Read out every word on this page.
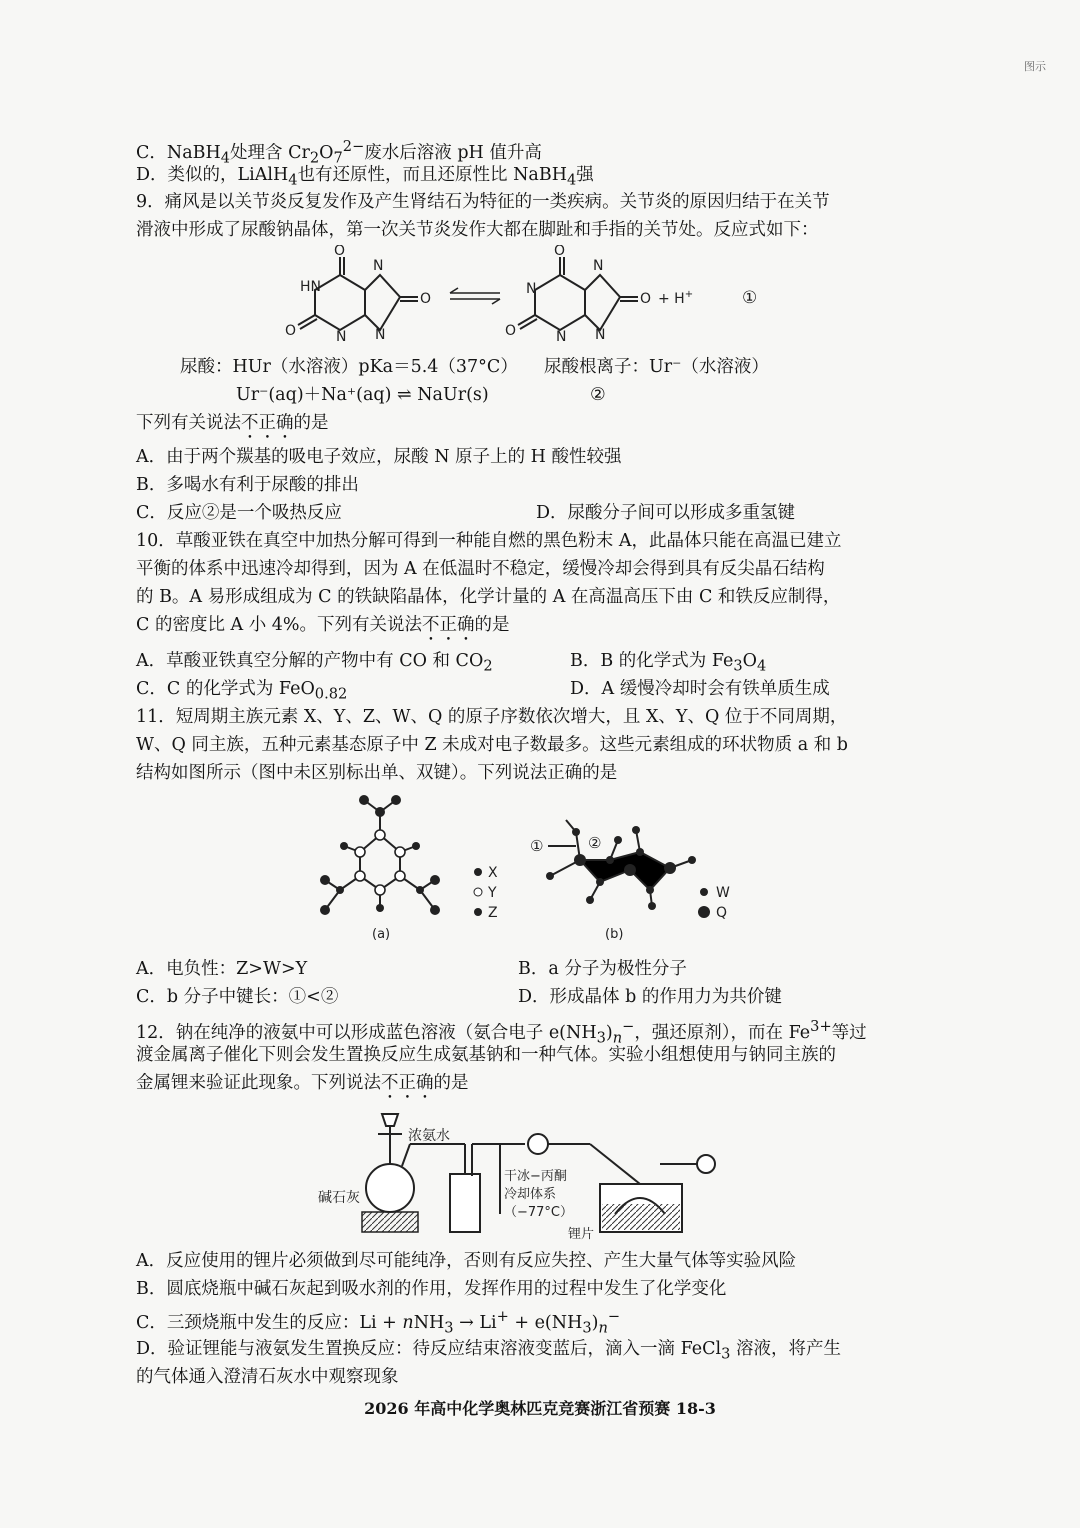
图示
C．NaBH$_4$处理含 $Cr_2O_7^{2-}$废水后溶液 pH 值升高
D．类似的，LiAlH$_4$也有还原性，而且还原性比 NaBH$_4$强
9．痛风是以关节炎反复发作及产生肾结石为特征的一类疾病。关节炎的原因归结于在关节
滑液中形成了尿酸钠晶体，第一次关节炎发作大都在脚趾和手指的关节处。反应式如下：
O
HN
O	N
N
N
O
O
N
O	N
N
N
O + H+	①
尿酸：HUr（水溶液）pKa＝5.4（37°C） 尿酸根离子：Ur⁻（水溶液）
Ur⁻(aq)＋Na⁺(aq) ⇌ NaUr(s)	②
下列有关说法不正确的是
A．由于两个羰基的吸电子效应，尿酸 N 原子上的 H 酸性较强
B．多喝水有利于尿酸的排出
C．反应②是一个吸热反应	D．尿酸分子间可以形成多重氢键
10．草酸亚铁在真空中加热分解可得到一种能自燃的黑色粉末 A，此晶体只能在高温已建立
平衡的体系中迅速冷却得到，因为 A 在低温时不稳定，缓慢冷却会得到具有反尖晶石结构
的 B。A 易形成组成为 C 的铁缺陷晶体，化学计量的 A 在高温高压下由 C 和铁反应制得，
C 的密度比 A 小 4%。下列有关说法不正确的是
A．草酸亚铁真空分解的产物中有 CO 和 $CO_2$	B．B 的化学式为 $Fe_3O_4$
C．C 的化学式为 FeO$_{0.82}$	D．A 缓慢冷却时会有铁单质生成
11．短周期主族元素 X、Y、Z、W、Q 的原子序数依次增大，且 X、Y、Q 位于不同周期，
W、Q 同主族，五种元素基态原子中 Z 未成对电子数最多。这些元素组成的环状物质 a 和 b
结构如图所示（图中未区别标出单、双键）。下列说法正确的是
X
Y
Z
(a)
①	②
W
Q
(b)
A．电负性：Z>W>Y	B．a 分子为极性分子
C．b 分子中键长：①<②	D．形成晶体 b 的作用力为共价键
12．钠在纯净的液氨中可以形成蓝色溶液（氨合电子 $e(NH_3)_n^-$，强还原剂），而在 $Fe^{3+}$等过
渡金属离子催化下则会发生置换反应生成氨基钠和一种气体。实验小组想使用与钠同主族的
金属锂来验证此现象。下列说法不正确的是
浓氨水
碱石灰
干冰−丙酮
冷却体系
（−77°C）
锂片
A．反应使用的锂片必须做到尽可能纯净，否则有反应失控、产生大量气体等实验风险
B．圆底烧瓶中碱石灰起到吸水剂的作用，发挥作用的过程中发生了化学变化
C．三颈烧瓶中发生的反应：$Li + nNH_3 \to Li^+ + e(NH_3)_n^-$
D．验证锂能与液氨发生置换反应：待反应结束溶液变蓝后，滴入一滴 FeCl$_3$ 溶液，将产生
的气体通入澄清石灰水中观察现象
2026 年高中化学奥林匹克竞赛浙江省预赛 18-3
